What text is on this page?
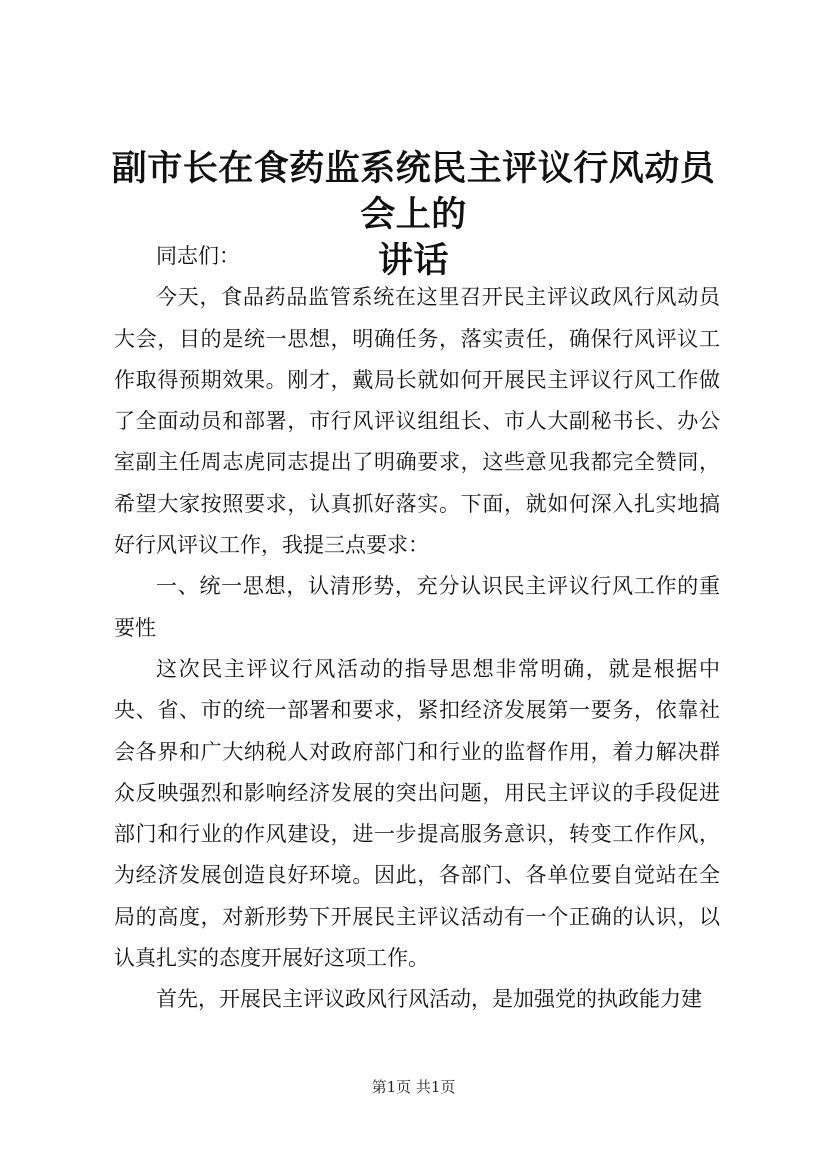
副市长在食药监系统民主评议行风动员会上的
讲话

同志们：

今天，食品药品监管系统在这里召开民主评议政风行风动员大会，目的是统一思想，明确任务，落实责任，确保行风评议工作取得预期效果。刚才，戴局长就如何开展民主评议行风工作做了全面动员和部署，市行风评议组组长、市人大副秘书长、办公室副主任周志虎同志提出了明确要求，这些意见我都完全赞同，希望大家按照要求，认真抓好落实。下面，就如何深入扎实地搞好行风评议工作，我提三点要求：

一、统一思想，认清形势，充分认识民主评议行风工作的重要性

这次民主评议行风活动的指导思想非常明确，就是根据中央、省、市的统一部署和要求，紧扣经济发展第一要务，依靠社会各界和广大纳税人对政府部门和行业的监督作用，着力解决群众反映强烈和影响经济发展的突出问题，用民主评议的手段促进部门和行业的作风建设，进一步提高服务意识，转变工作作风，为经济发展创造良好环境。因此，各部门、各单位要自觉站在全局的高度，对新形势下开展民主评议活动有一个正确的认识，以认真扎实的态度开展好这项工作。

首先，开展民主评议政风行风活动，是加强党的执政能力建

第1页 共1页
